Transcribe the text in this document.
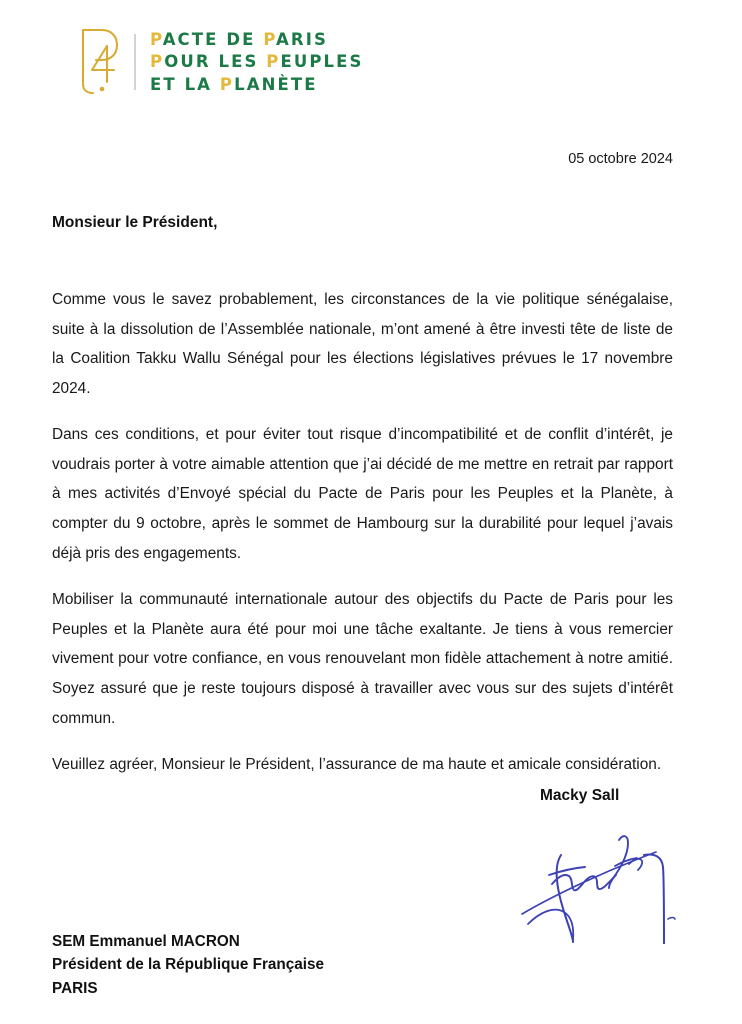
PACTE DE PARIS
POUR LES PEUPLES
ET LA PLANÈTE
05 octobre 2024
Monsieur le Président,

Comme vous le savez probablement, les circonstances de la vie politique sénégalaise, suite à la dissolution de l’Assemblée nationale, m’ont amené à être investi tête de liste de la Coalition Takku Wallu Sénégal pour les élections législatives prévues le 17 novembre 2024.

Dans ces conditions, et pour éviter tout risque d’incompatibilité et de conflit d’intérêt, je voudrais porter à votre aimable attention que j’ai décidé de me mettre en retrait par rapport à mes activités d’Envoyé spécial du Pacte de Paris pour les Peuples et la Planète, à compter du 9 octobre, après le sommet de Hambourg sur la durabilité pour lequel j’avais déjà pris des engagements.

Mobiliser la communauté internationale autour des objectifs du Pacte de Paris pour les Peuples et la Planète aura été pour moi une tâche exaltante. Je tiens à vous remercier vivement pour votre confiance, en vous renouvelant mon fidèle attachement à notre amitié. Soyez assuré que je reste toujours disposé à travailler avec vous sur des sujets d’intérêt commun.

Veuillez agréer, Monsieur le Président, l’assurance de ma haute et amicale considération.

Macky Sall
SEM Emmanuel MACRON
Président de la République Française
PARIS
